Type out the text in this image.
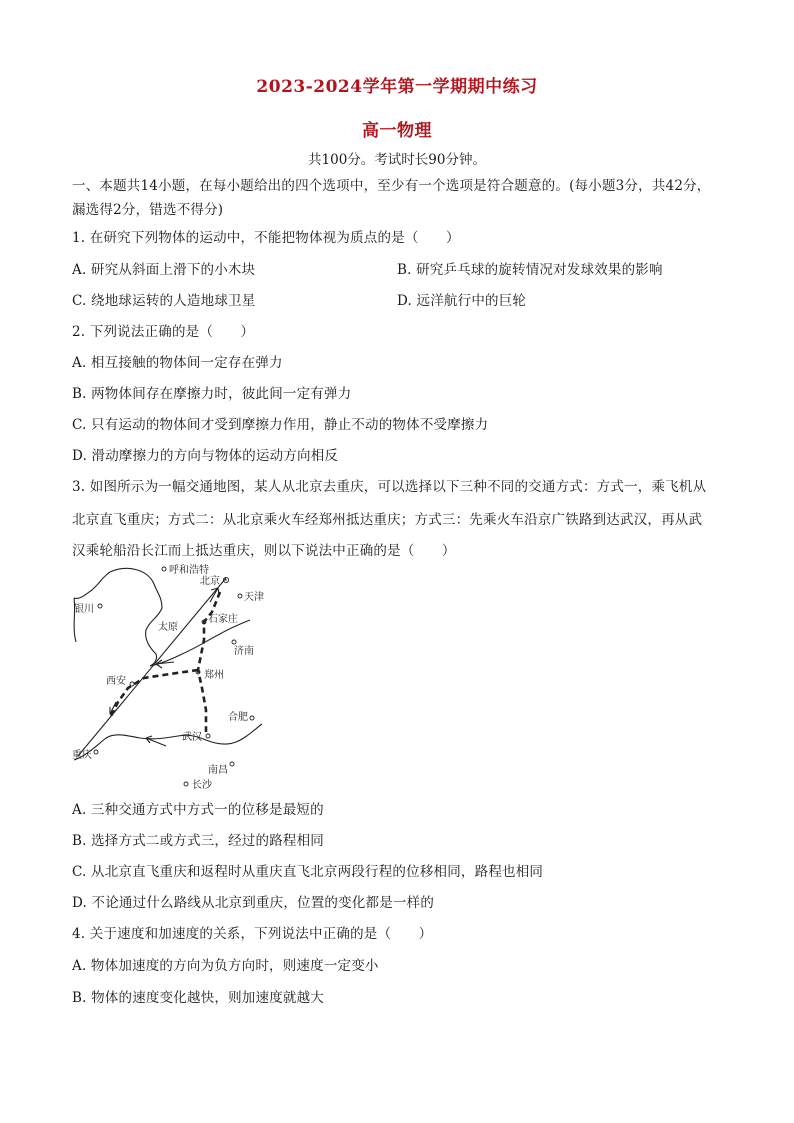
2023-2024学年第一学期期中练习
高一物理
共100分。考试时长90分钟。
一、本题共14小题，在每小题给出的四个选项中，至少有一个选项是符合题意的。(每小题3分，共42分，
漏选得2分，错选不得分)
1. 在研究下列物体的运动中，不能把物体视为质点的是（　　）
A. 研究从斜面上滑下的小木块	B. 研究乒乓球的旋转情况对发球效果的影响
C. 绕地球运转的人造地球卫星	D. 远洋航行中的巨轮
2. 下列说法正确的是（　　）
A. 相互接触的物体间一定存在弹力
B. 两物体间存在摩擦力时，彼此间一定有弹力
C. 只有运动的物体间才受到摩擦力作用，静止不动的物体不受摩擦力
D. 滑动摩擦力的方向与物体的运动方向相反
3. 如图所示为一幅交通地图，某人从北京去重庆，可以选择以下三种不同的交通方式：方式一，乘飞机从
北京直飞重庆；方式二：从北京乘火车经郑州抵达重庆；方式三：先乘火车沿京广铁路到达武汉，再从武
汉乘轮船沿长江而上抵达重庆，则以下说法中正确的是（　　）
呼和浩特
北京
天津
银川
太原
石家庄
济南
西安
郑州
合肥
武汉
重庆
南昌
长沙
A. 三种交通方式中方式一的位移是最短的
B. 选择方式二或方式三，经过的路程相同
C. 从北京直飞重庆和返程时从重庆直飞北京两段行程的位移相同，路程也相同
D. 不论通过什么路线从北京到重庆，位置的变化都是一样的
4. 关于速度和加速度的关系，下列说法中正确的是（　　）
A. 物体加速度的方向为负方向时，则速度一定变小
B. 物体的速度变化越快，则加速度就越大
